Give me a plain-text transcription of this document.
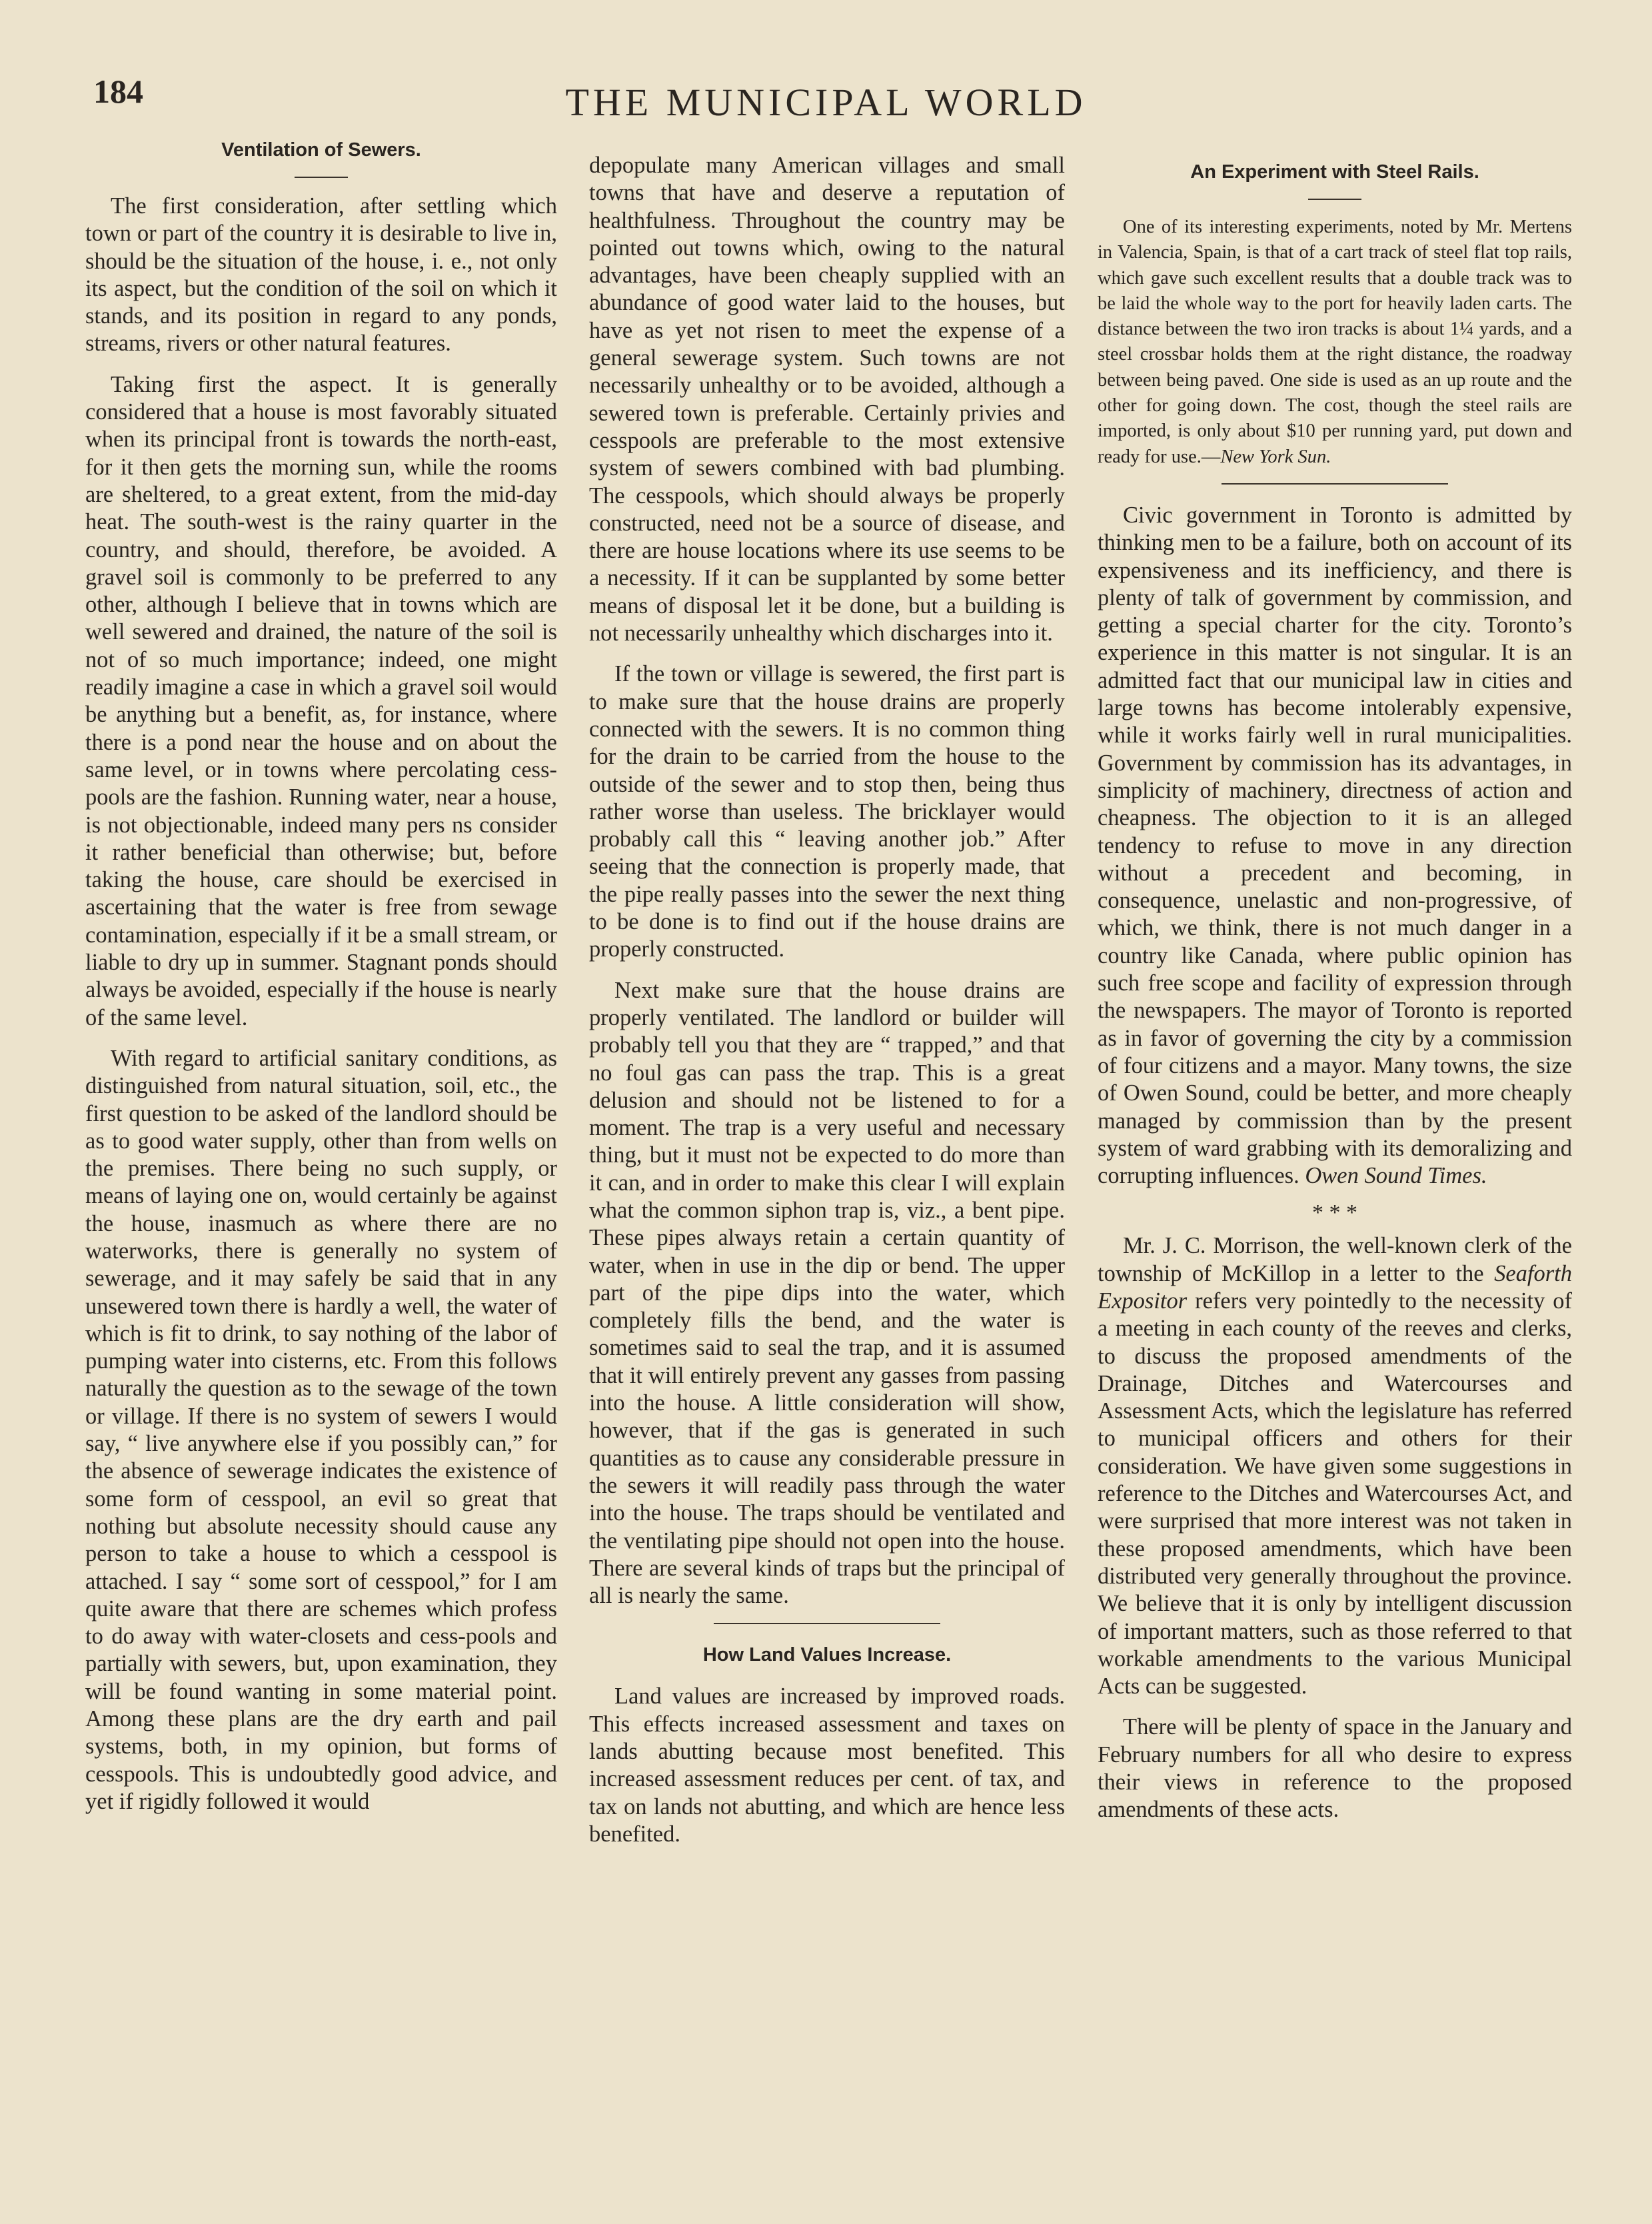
184	THE MUNICIPAL WORLD
Ventilation of Sewers.

The first consideration, after settling which town or part of the country it is desirable to live in, should be the situation of the house, i. e., not only its aspect, but the condition of the soil on which it stands, and its position in regard to any ponds, streams, rivers or other natural features.

Taking first the aspect. It is generally considered that a house is most favorably situated when its principal front is towards the north-east, for it then gets the morning sun, while the rooms are sheltered, to a great extent, from the mid-day heat. The south-west is the rainy quarter in the country, and should, therefore, be avoided. A gravel soil is commonly to be preferred to any other, although I believe that in towns which are well sewered and drained, the nature of the soil is not of so much importance; indeed, one might readily imagine a case in which a gravel soil would be anything but a benefit, as, for instance, where there is a pond near the house and on about the same level, or in towns where percolating cess-pools are the fashion. Running water, near a house, is not objectionable, indeed many pers ns consider it rather beneficial than otherwise; but, before taking the house, care should be exercised in ascertaining that the water is free from sewage contamination, especially if it be a small stream, or liable to dry up in summer. Stagnant ponds should always be avoided, especially if the house is nearly of the same level.

With regard to artificial sanitary conditions, as distinguished from natural situation, soil, etc., the first question to be asked of the landlord should be as to good water supply, other than from wells on the premises. There being no such supply, or means of laying one on, would certainly be against the house, inasmuch as where there are no waterworks, there is generally no system of sewerage, and it may safely be said that in any unsewered town there is hardly a well, the water of which is fit to drink, to say nothing of the labor of pumping water into cisterns, etc. From this follows naturally the question as to the sewage of the town or village. If there is no system of sewers I would say, “ live anywhere else if you possibly can,” for the absence of sewerage indicates the existence of some form of cesspool, an evil so great that nothing but absolute necessity should cause any person to take a house to which a cesspool is attached. I say “ some sort of cesspool,” for I am quite aware that there are schemes which profess to do away with water-closets and cess-pools and partially with sewers, but, upon examination, they will be found wanting in some material point. Among these plans are the dry earth and pail systems, both, in my opinion, but forms of cesspools. This is undoubtedly good advice, and yet if rigidly followed it would

depopulate many American villages and small towns that have and deserve a reputation of healthfulness. Throughout the country may be pointed out towns which, owing to the natural advantages, have been cheaply supplied with an abundance of good water laid to the houses, but have as yet not risen to meet the expense of a general sewerage system. Such towns are not necessarily unhealthy or to be avoided, although a sewered town is preferable. Certainly privies and cesspools are preferable to the most extensive system of sewers combined with bad plumbing. The cesspools, which should always be properly constructed, need not be a source of disease, and there are house locations where its use seems to be a necessity. If it can be supplanted by some better means of disposal let it be done, but a building is not necessarily unhealthy which discharges into it.

If the town or village is sewered, the first part is to make sure that the house drains are properly connected with the sewers. It is no common thing for the drain to be carried from the house to the outside of the sewer and to stop then, being thus rather worse than useless. The bricklayer would probably call this “ leaving another job.” After seeing that the connection is properly made, that the pipe really passes into the sewer the next thing to be done is to find out if the house drains are properly constructed.

Next make sure that the house drains are properly ventilated. The landlord or builder will probably tell you that they are “ trapped,” and that no foul gas can pass the trap. This is a great delusion and should not be listened to for a moment. The trap is a very useful and necessary thing, but it must not be expected to do more than it can, and in order to make this clear I will explain what the common siphon trap is, viz., a bent pipe. These pipes always retain a certain quantity of water, when in use in the dip or bend. The upper part of the pipe dips into the water, which completely fills the bend, and the water is sometimes said to seal the trap, and it is assumed that it will entirely prevent any gasses from passing into the house. A little consideration will show, however, that if the gas is generated in such quantities as to cause any considerable pressure in the sewers it will readily pass through the water into the house. The traps should be ventilated and the ventilating pipe should not open into the house. There are several kinds of traps but the principal of all is nearly the same.

How Land Values Increase.

Land values are increased by improved roads. This effects increased assessment and taxes on lands abutting because most benefited. This increased assessment reduces per cent. of tax, and tax on lands not abutting, and which are hence less benefited.

An Experiment with Steel Rails.

One of its interesting experiments, noted by Mr. Mertens in Valencia, Spain, is that of a cart track of steel flat top rails, which gave such excellent results that a double track was to be laid the whole way to the port for heavily laden carts. The distance between the two iron tracks is about 1¼ yards, and a steel crossbar holds them at the right distance, the roadway between being paved. One side is used as an up route and the other for going down. The cost, though the steel rails are imported, is only about $10 per running yard, put down and ready for use.—New York Sun.

Civic government in Toronto is admitted by thinking men to be a failure, both on account of its expensiveness and its inefficiency, and there is plenty of talk of government by commission, and getting a special charter for the city. Toronto’s experience in this matter is not singular. It is an admitted fact that our municipal law in cities and large towns has become intolerably expensive, while it works fairly well in rural municipalities. Government by commission has its advantages, in simplicity of machinery, directness of action and cheapness. The objection to it is an alleged tendency to refuse to move in any direction without a precedent and becoming, in consequence, unelastic and non-progressive, of which, we think, there is not much danger in a country like Canada, where public opinion has such free scope and facility of expression through the newspapers. The mayor of Toronto is reported as in favor of governing the city by a commission of four citizens and a mayor. Many towns, the size of Owen Sound, could be better, and more cheaply managed by commission than by the present system of ward grabbing with its demoralizing and corrupting influences. Owen Sound Times.

* * *

Mr. J. C. Morrison, the well-known clerk of the township of McKillop in a letter to the Seaforth Expositor refers very pointedly to the necessity of a meeting in each county of the reeves and clerks, to discuss the proposed amendments of the Drainage, Ditches and Watercourses and Assessment Acts, which the legislature has referred to municipal officers and others for their consideration. We have given some suggestions in reference to the Ditches and Watercourses Act, and were surprised that more interest was not taken in these proposed amendments, which have been distributed very generally throughout the province. We believe that it is only by intelligent discussion of important matters, such as those referred to that workable amendments to the various Municipal Acts can be suggested.

There will be plenty of space in the January and February numbers for all who desire to express their views in reference to the proposed amendments of these acts.
